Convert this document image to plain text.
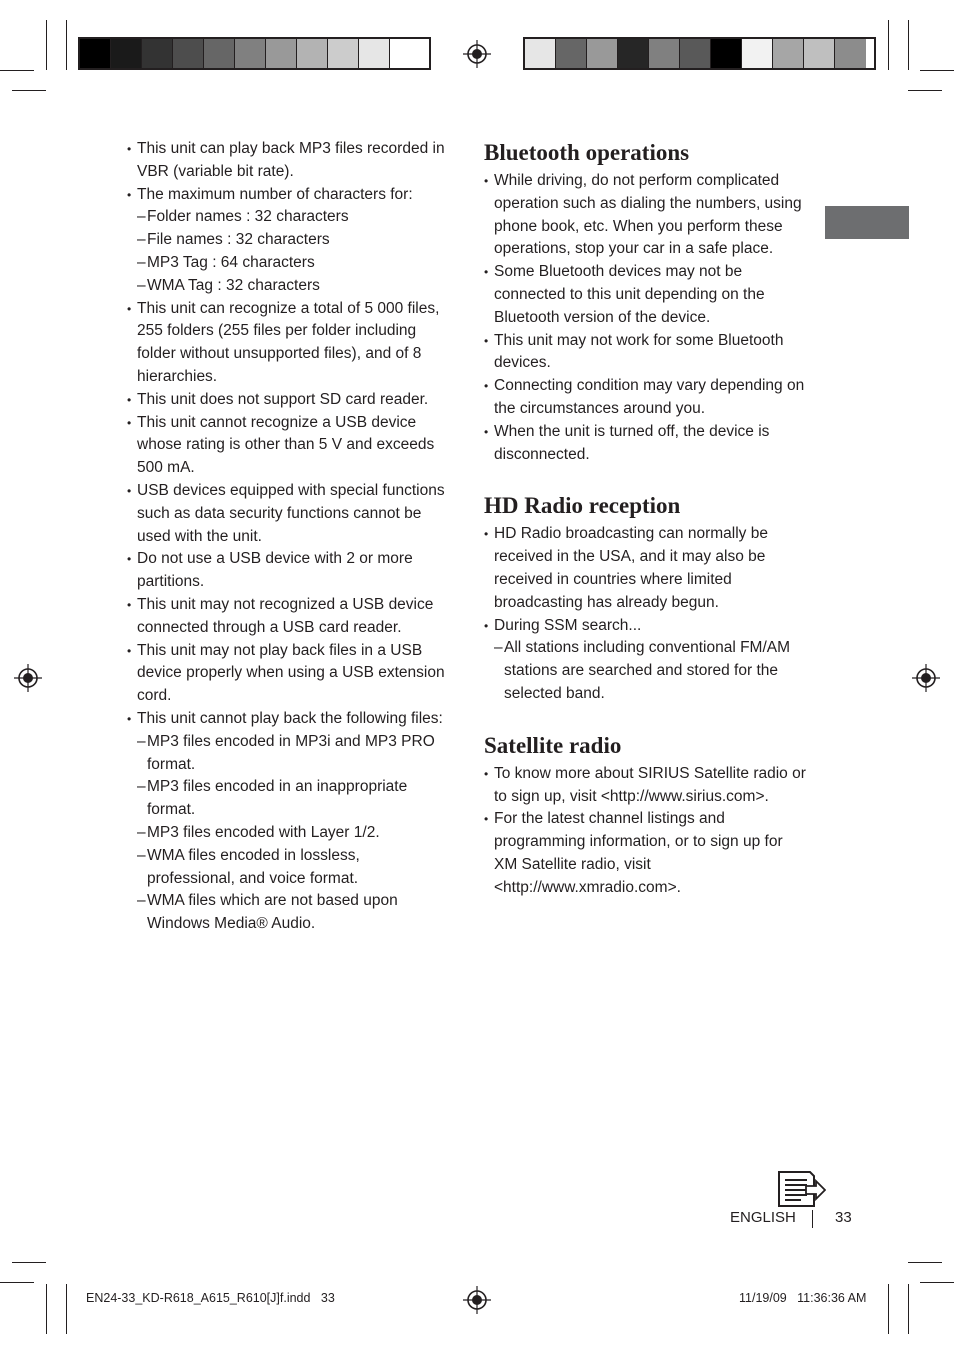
• This unit can play back MP3 files recorded in VBR (variable bit rate).
• The maximum number of characters for:
– Folder names : 32 characters
– File names : 32 characters
– MP3 Tag : 64 characters
– WMA Tag : 32 characters
• This unit can recognize a total of 5 000 files, 255 folders (255 files per folder including folder without unsupported files), and of 8 hierarchies.
• This unit does not support SD card reader.
• This unit cannot recognize a USB device whose rating is other than 5 V and exceeds 500 mA.
• USB devices equipped with special functions such as data security functions cannot be used with the unit.
• Do not use a USB device with 2 or more partitions.
• This unit may not recognized a USB device connected through a USB card reader.
• This unit may not play back files in a USB device properly when using a USB extension cord.
• This unit cannot play back the following files:
– MP3 files encoded in MP3i and MP3 PRO format.
– MP3 files encoded in an inappropriate format.
– MP3 files encoded with Layer 1/2.
– WMA files encoded in lossless, professional, and voice format.
– WMA files which are not based upon Windows Media® Audio.
Bluetooth operations
• While driving, do not perform complicated operation such as dialing the numbers, using phone book, etc. When you perform these operations, stop your car in a safe place.
• Some Bluetooth devices may not be connected to this unit depending on the Bluetooth version of the device.
• This unit may not work for some Bluetooth devices.
• Connecting condition may vary depending on the circumstances around you.
• When the unit is turned off, the device is disconnected.
HD Radio reception
• HD Radio broadcasting can normally be received in the USA, and it may also be received in countries where limited broadcasting has already begun.
• During SSM search...
– All stations including conventional FM/AM stations are searched and stored for the selected band.
Satellite radio
• To know more about SIRIUS Satellite radio or to sign up, visit <http://www.sirius.com>.
• For the latest channel listings and programming information, or to sign up for XM Satellite radio, visit <http://www.xmradio.com>.
ENGLISH	33
EN24-33_KD-R618_A615_R610[J]f.indd   33	11/19/09   11:36:36 AM
